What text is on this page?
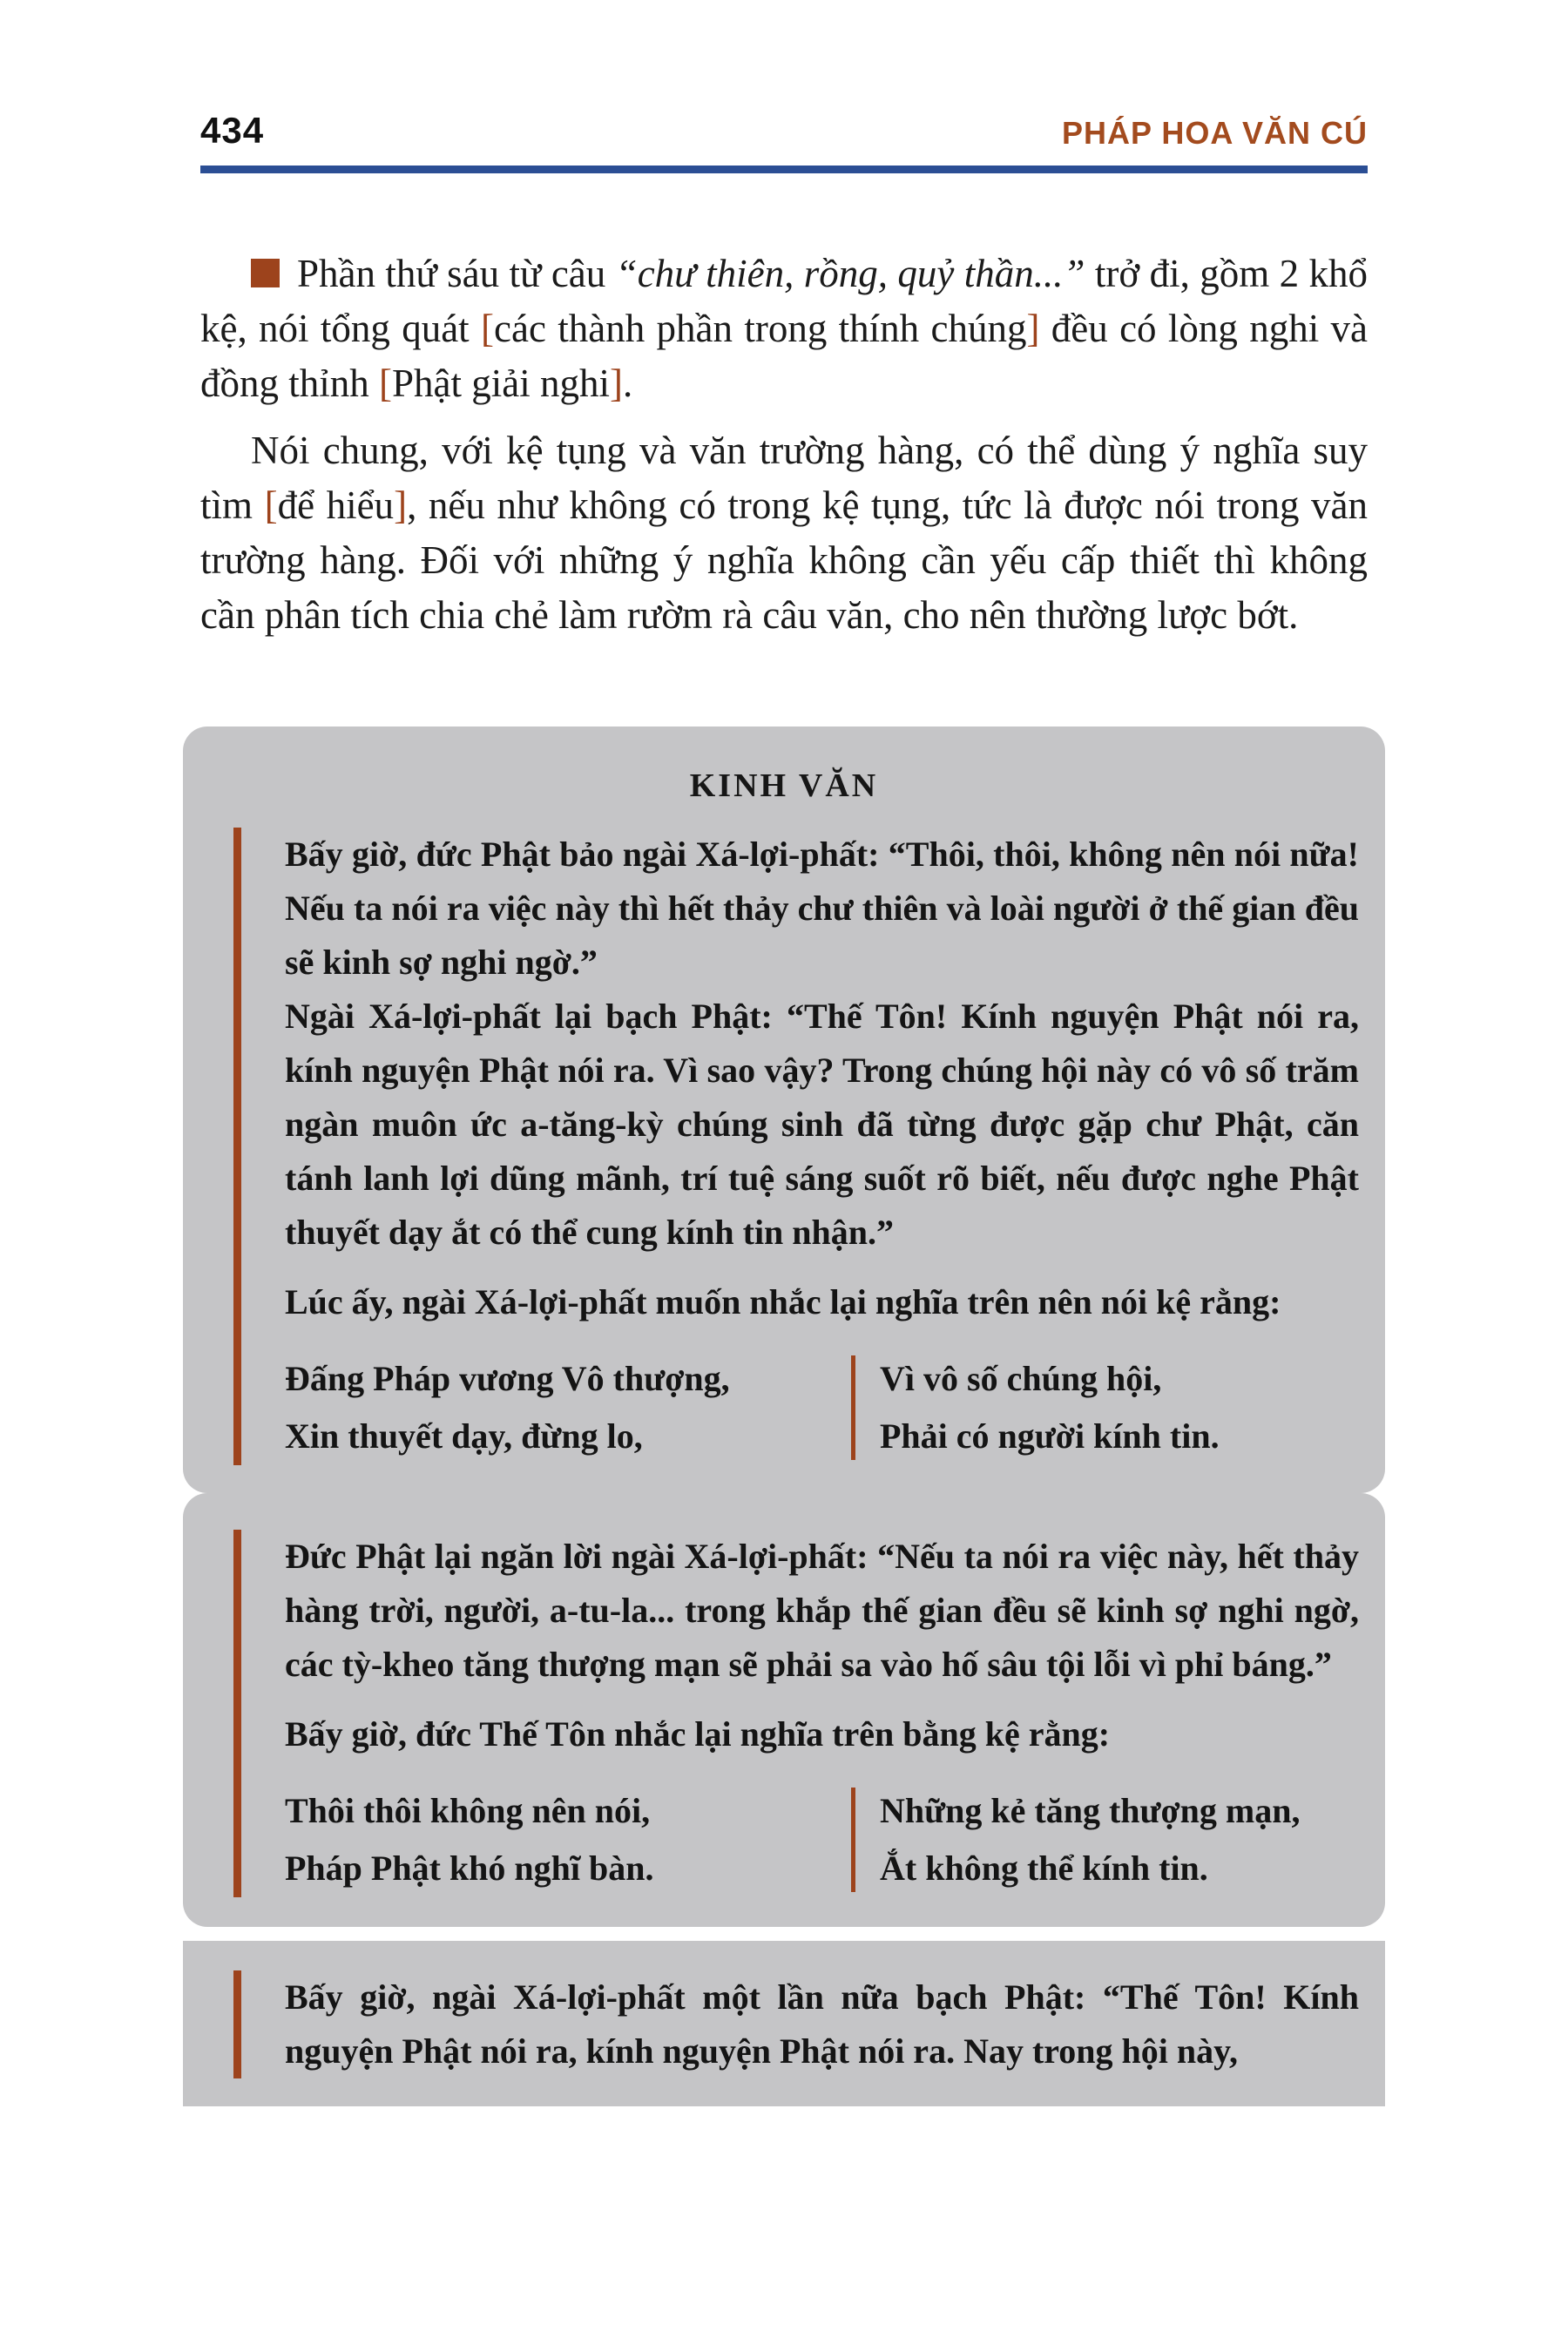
434	PHÁP HOA VĂN CÚ

Phần thứ sáu từ câu “chư thiên, rồng, quỷ thần...” trở đi, gồm 2 khổ kệ, nói tổng quát [các thành phần trong thính chúng] đều có lòng nghi và đồng thỉnh [Phật giải nghi].

Nói chung, với kệ tụng và văn trường hàng, có thể dùng ý nghĩa suy tìm [để hiểu], nếu như không có trong kệ tụng, tức là được nói trong văn trường hàng. Đối với những ý nghĩa không cần yếu cấp thiết thì không cần phân tích chia chẻ làm rườm rà câu văn, cho nên thường lược bớt.

KINH VĂN

Bấy giờ, đức Phật bảo ngài Xá-lợi-phất: “Thôi, thôi, không nên nói nữa! Nếu ta nói ra việc này thì hết thảy chư thiên và loài người ở thế gian đều sẽ kinh sợ nghi ngờ.”

Ngài Xá-lợi-phất lại bạch Phật: “Thế Tôn! Kính nguyện Phật nói ra, kính nguyện Phật nói ra. Vì sao vậy? Trong chúng hội này có vô số trăm ngàn muôn ức a-tăng-kỳ chúng sinh đã từng được gặp chư Phật, căn tánh lanh lợi dũng mãnh, trí tuệ sáng suốt rõ biết, nếu được nghe Phật thuyết dạy ắt có thể cung kính tin nhận.”

Lúc ấy, ngài Xá-lợi-phất muốn nhắc lại nghĩa trên nên nói kệ rằng:

Đấng Pháp vương Vô thượng,
Xin thuyết dạy, đừng lo,
Vì vô số chúng hội,
Phải có người kính tin.

Đức Phật lại ngăn lời ngài Xá-lợi-phất: “Nếu ta nói ra việc này, hết thảy hàng trời, người, a-tu-la... trong khắp thế gian đều sẽ kinh sợ nghi ngờ, các tỳ-kheo tăng thượng mạn sẽ phải sa vào hố sâu tội lỗi vì phỉ báng.”

Bấy giờ, đức Thế Tôn nhắc lại nghĩa trên bằng kệ rằng:

Thôi thôi không nên nói,
Pháp Phật khó nghĩ bàn.
Những kẻ tăng thượng mạn,
Ắt không thể kính tin.

Bấy giờ, ngài Xá-lợi-phất một lần nữa bạch Phật: “Thế Tôn! Kính nguyện Phật nói ra, kính nguyện Phật nói ra. Nay trong hội này,
